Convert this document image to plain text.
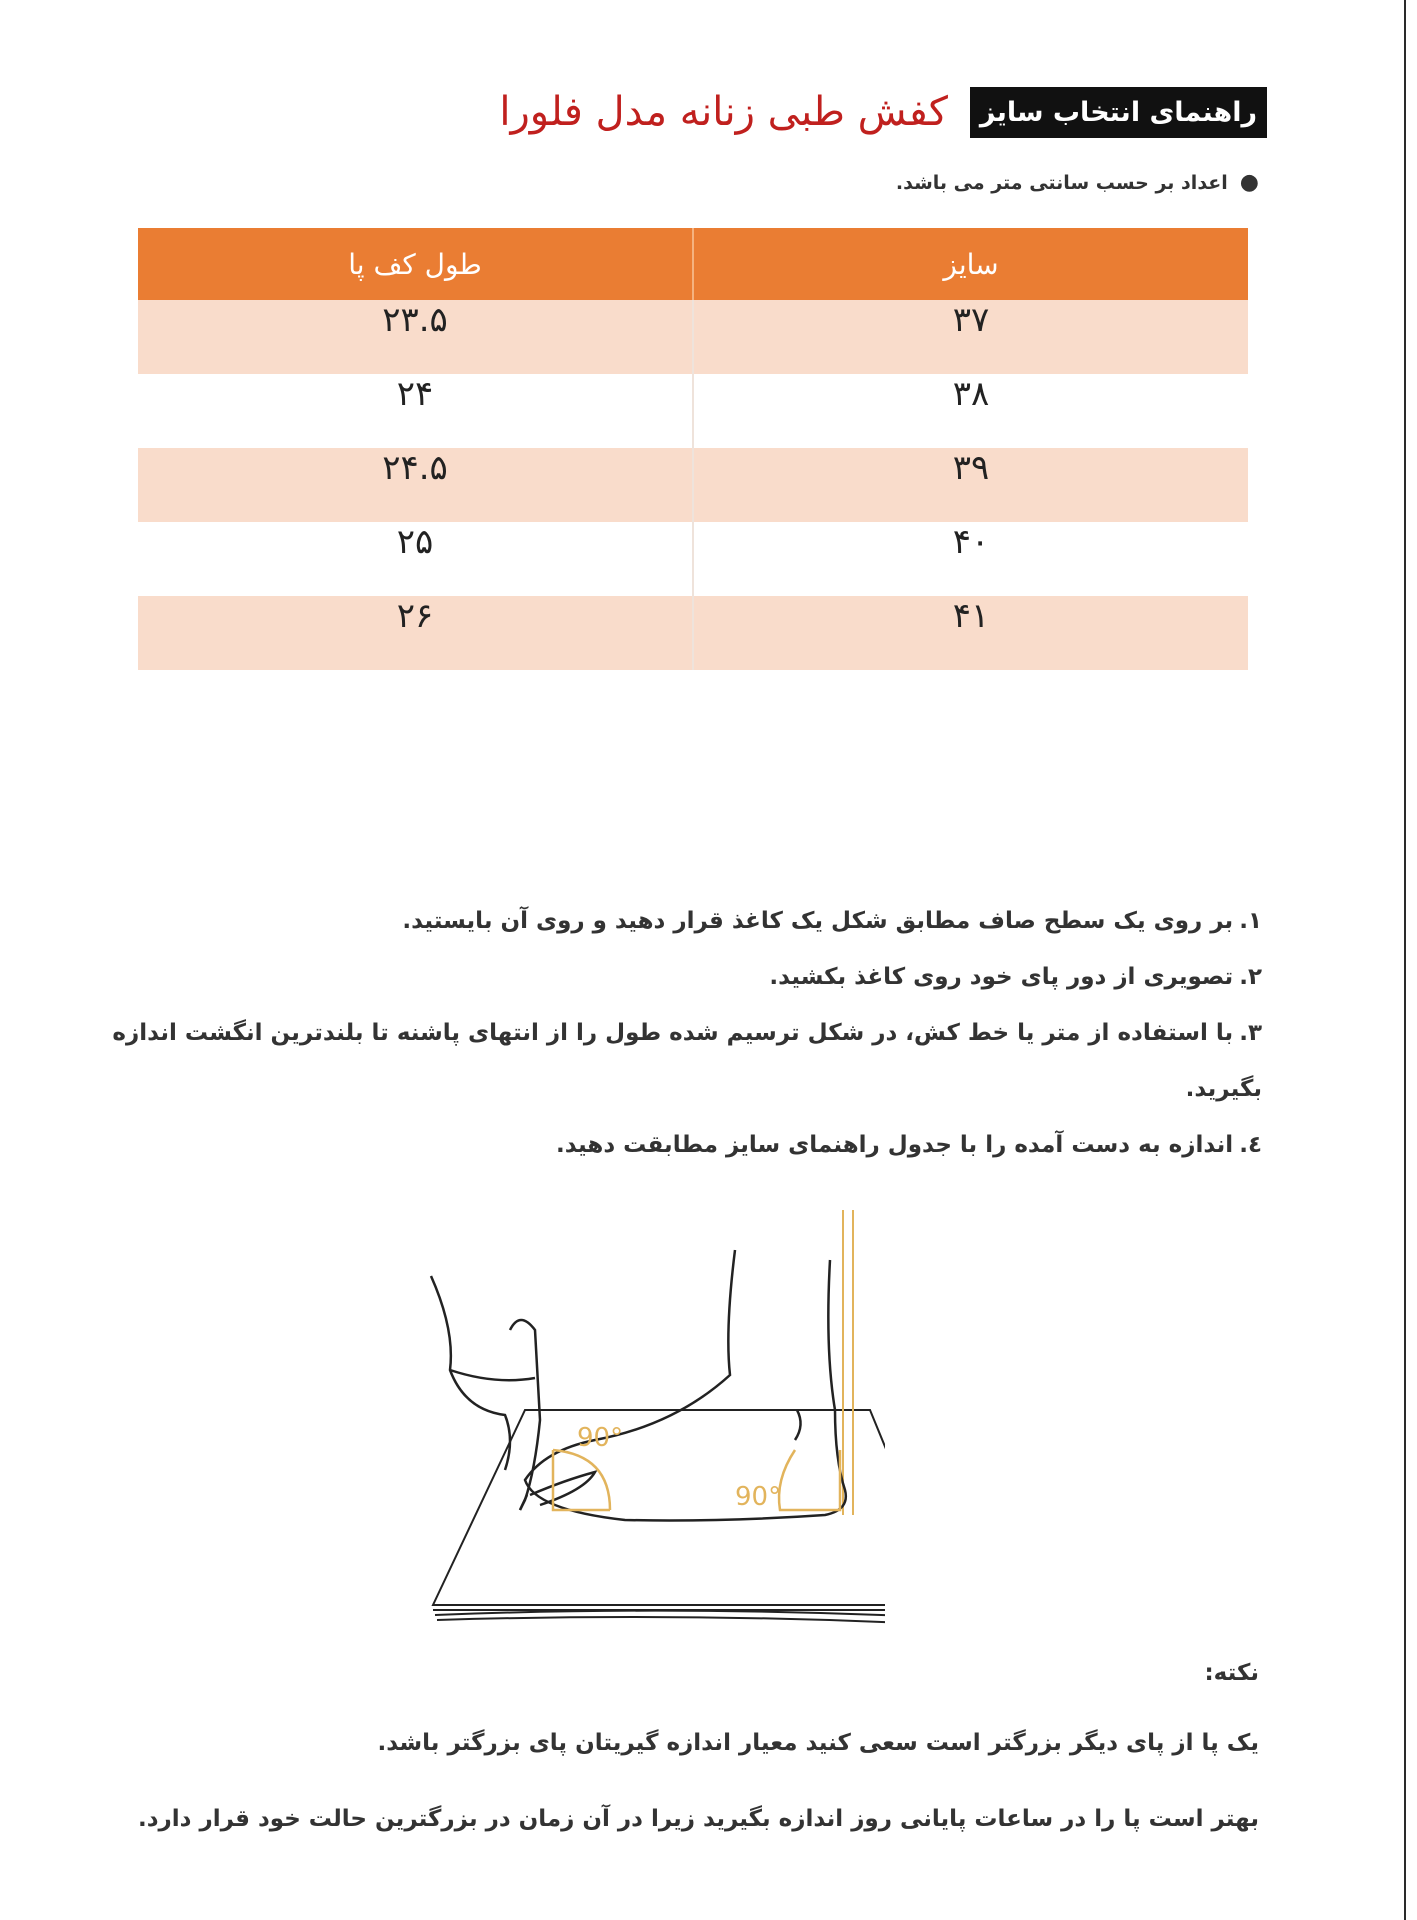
کفش طبی زنانه مدل فلورا	راهنمای انتخاب سایز
●
اعداد بر حسب سانتی متر می باشد.
طول کف پا	سایز
۲۳.۵	۳۷
۲۴	۳۸
۲۴.۵	۳۹
۲۵	۴۰
۲۶	۴۱
۱.بر روی یک سطح صاف مطابق شکل یک کاغذ قرار دهید و روی آن بایستید.
۲.تصویری از دور پای خود روی کاغذ بکشید.
۳.با استفاده از متر یا خط کش، در شکل ترسیم شده طول را از انتهای پاشنه تا بلندترین انگشت اندازه بگیرید.
٤.اندازه به دست آمده را با جدول راهنمای سایز مطابقت دهید.
90°
90°
نکته:
یک پا از پای دیگر بزرگتر است سعی کنید معیار اندازه گیریتان پای بزرگتر باشد.
بهتر است پا را در ساعات پایانی روز اندازه بگیرید زیرا در آن زمان در بزرگترین حالت خود قرار دارد.
